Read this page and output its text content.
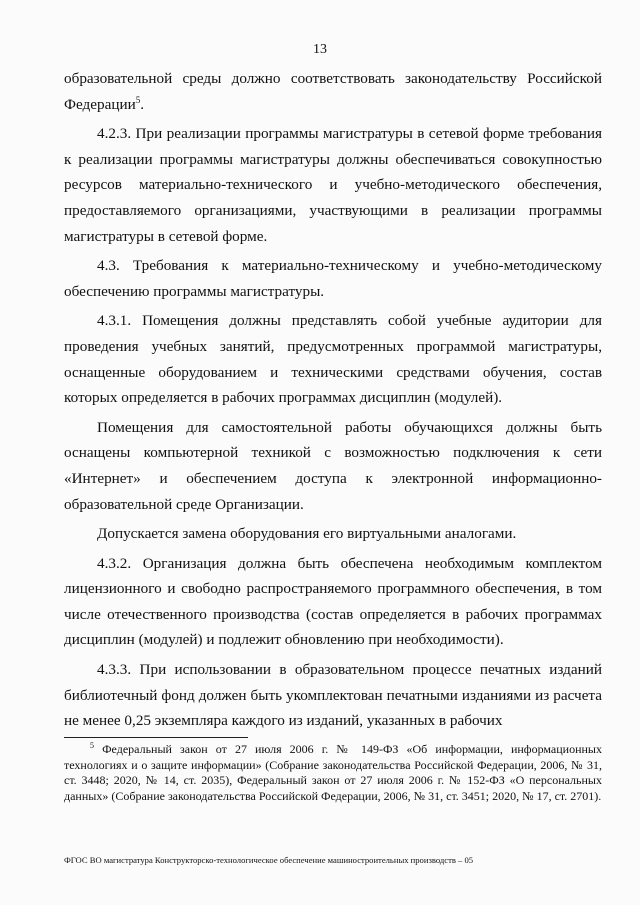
13

образовательной среды должно соответствовать законодательству Российской Федерации$^5$.

4.2.3. При реализации программы магистратуры в сетевой форме требования к реализации программы магистратуры должны обеспечиваться совокупностью ресурсов материально-технического и учебно-методического обеспечения, предоставляемого организациями, участвующими в реализации программы магистратуры в сетевой форме.

4.3. Требования к материально-техническому и учебно-методическому обеспечению программы магистратуры.

4.3.1. Помещения должны представлять собой учебные аудитории для проведения учебных занятий, предусмотренных программой магистратуры, оснащенные оборудованием и техническими средствами обучения, состав которых определяется в рабочих программах дисциплин (модулей).

Помещения для самостоятельной работы обучающихся должны быть оснащены компьютерной техникой с возможностью подключения к сети «Интернет» и обеспечением доступа к электронной информационно-образовательной среде Организации.

Допускается замена оборудования его виртуальными аналогами.

4.3.2. Организация должна быть обеспечена необходимым комплектом лицензионного и свободно распространяемого программного обеспечения, в том числе отечественного производства (состав определяется в рабочих программах дисциплин (модулей) и подлежит обновлению при необходимости).

4.3.3. При использовании в образовательном процессе печатных изданий библиотечный фонд должен быть укомплектован печатными изданиями из расчета не менее 0,25 экземпляра каждого из изданий, указанных в рабочих

$^5$ Федеральный закон от 27 июля 2006 г. № 149-ФЗ «Об информации, информационных технологиях и о защите информации» (Собрание законодательства Российской Федерации, 2006, № 31, ст. 3448; 2020, № 14, ст. 2035), Федеральный закон от 27 июля 2006 г. № 152-ФЗ «О персональных данных» (Собрание законодательства Российской Федерации, 2006, № 31, ст. 3451; 2020, № 17, ст. 2701).

ФГОС ВО магистратура Конструкторско-технологическое обеспечение машиностроительных производств – 05
